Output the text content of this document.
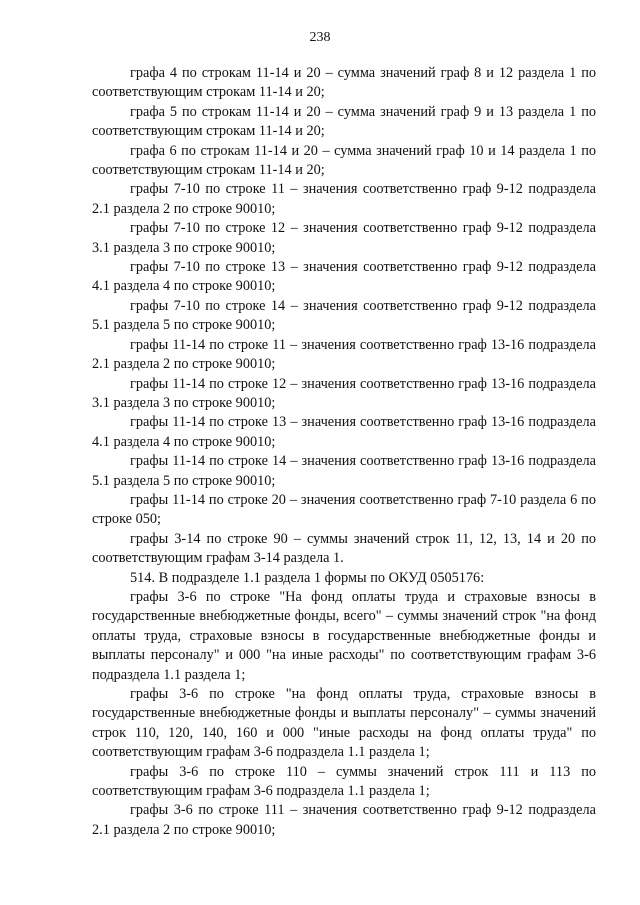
238

графа 4 по строкам 11-14 и 20 – сумма значений граф 8 и 12 раздела 1 по соответствующим строкам 11-14 и 20;

графа 5 по строкам 11-14 и 20 – сумма значений граф 9 и 13 раздела 1 по соответствующим строкам 11-14 и 20;

графа 6 по строкам 11-14 и 20 – сумма значений граф 10 и 14 раздела 1 по соответствующим строкам 11-14 и 20;

графы 7-10 по строке 11 – значения соответственно граф 9-12 подраздела 2.1 раздела 2 по строке 90010;

графы 7-10 по строке 12 – значения соответственно граф 9-12 подраздела 3.1 раздела 3 по строке 90010;

графы 7-10 по строке 13 – значения соответственно граф 9-12 подраздела 4.1 раздела 4 по строке 90010;

графы 7-10 по строке 14 – значения соответственно граф 9-12 подраздела 5.1 раздела 5 по строке 90010;

графы 11-14 по строке 11 – значения соответственно граф 13-16 подраздела 2.1 раздела 2 по строке 90010;

графы 11-14 по строке 12 – значения соответственно граф 13-16 подраздела 3.1 раздела 3 по строке 90010;

графы 11-14 по строке 13 – значения соответственно граф 13-16 подраздела 4.1 раздела 4 по строке 90010;

графы 11-14 по строке 14 – значения соответственно граф 13-16 подраздела 5.1 раздела 5 по строке 90010;

графы 11-14 по строке 20 – значения соответственно граф 7-10 раздела 6 по строке 050;

графы 3-14 по строке 90 – суммы значений строк 11, 12, 13, 14 и 20 по соответствующим графам 3-14 раздела 1.

514. В подразделе 1.1 раздела 1 формы по ОКУД 0505176:

графы 3-6 по строке "На фонд оплаты труда и страховые взносы в государственные внебюджетные фонды, всего" – суммы значений строк "на фонд оплаты труда, страховые взносы в государственные внебюджетные фонды и выплаты персоналу" и 000 "на иные расходы" по соответствующим графам 3-6 подраздела 1.1 раздела 1;

графы 3-6 по строке "на фонд оплаты труда, страховые взносы в государственные внебюджетные фонды и выплаты персоналу" – суммы значений строк 110, 120, 140, 160 и 000 "иные расходы на фонд оплаты труда" по соответствующим графам 3-6 подраздела 1.1 раздела 1;

графы 3-6 по строке 110 – суммы значений строк 111 и 113 по соответствующим графам 3-6 подраздела 1.1 раздела 1;

графы 3-6 по строке 111 – значения соответственно граф 9-12 подраздела 2.1 раздела 2 по строке 90010;
